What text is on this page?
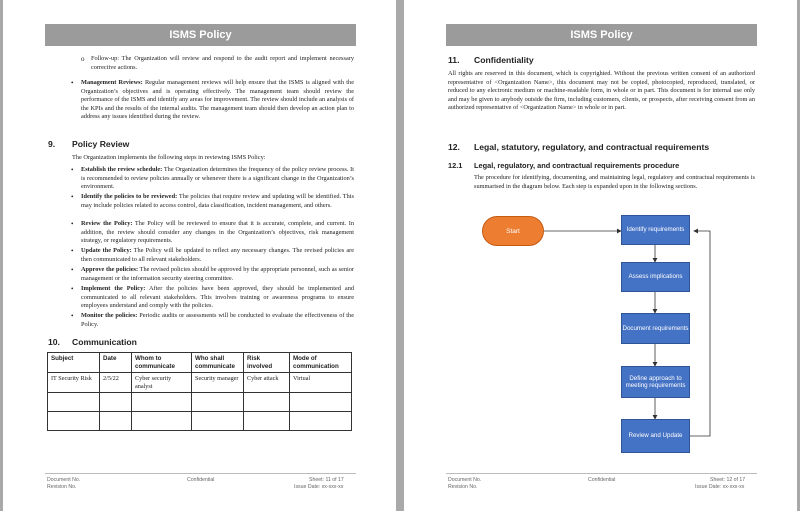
ISMS Policy
o Follow-up: The Organization will review and respond to the audit report and implement necessary corrective actions.
• Management Reviews: Regular management reviews will help ensure that the ISMS is aligned with the Organization’s objectives and is operating effectively. The management team should review the performance of the ISMS and identify any areas for improvement. The review should include an analysis of the KPIs and the results of the internal audits. The management team should then develop an action plan to address any issues identified during the review.
9. Policy Review
The Organization implements the following steps in reviewing ISMS Policy:
• Establish the review schedule: The Organization determines the frequency of the policy review process. It is recommended to review policies annually or whenever there is a significant change in the Organization’s environment.
• Identify the policies to be reviewed: The policies that require review and updating will be identified. This may include policies related to access control, data classification, incident management, and others.
• Review the Policy: The Policy will be reviewed to ensure that it is accurate, complete, and current. In addition, the review should consider any changes in the Organization’s objectives, risk management strategy, or regulatory requirements.
• Update the Policy: The Policy will be updated to reflect any necessary changes. The revised policies are then communicated to all relevant stakeholders.
• Approve the policies: The revised policies should be approved by the appropriate personnel, such as senior management or the information security steering committee.
• Implement the Policy: After the policies have been approved, they should be implemented and communicated to all relevant stakeholders. This involves training or awareness programs to ensure employees understand and comply with the policies.
• Monitor the policies: Periodic audits or assessments will be conducted to evaluate the effectiveness of the Policy.
10. Communication
Subject	Date	Whom to communicate	Who shall communicate	Risk involved	Mode of communication
IT Security Risk	2/5/22	Cyber security analyst	Security manager	Cyber attack	Virtual

Document No.
Revision No.
Confidential	Sheet: 11 of 17
Issue Date: xx-xxx-xx
ISMS Policy
11. Confidentiality
All rights are reserved in this document, which is copyrighted. Without the previous written consent of an authorized representative of <Organization Name>, this document may not be copied, photocopied, reproduced, translated, or reduced to any electronic medium or machine-readable form, in whole or in part. This document is for internal use only and may be given to anybody outside the firm, including customers, clients, or prospects, after receiving consent from an authorized representative of <Organization Name> in whole or in part.
12. Legal, statutory, regulatory, and contractual requirements
12.1 Legal, regulatory, and contractual requirements procedure
The procedure for identifying, documenting, and maintaining legal, regulatory and contractual requirements is summarised in the diagram below. Each step is expanded upon in the following sections.
Start	Identify requirements
Assess implications
Document requirements
Define approach to meeting requirements
Review and Update
Document No.
Revision No.
Confidential	Sheet: 12 of 17
Issue Date: xx-xxx-xx
